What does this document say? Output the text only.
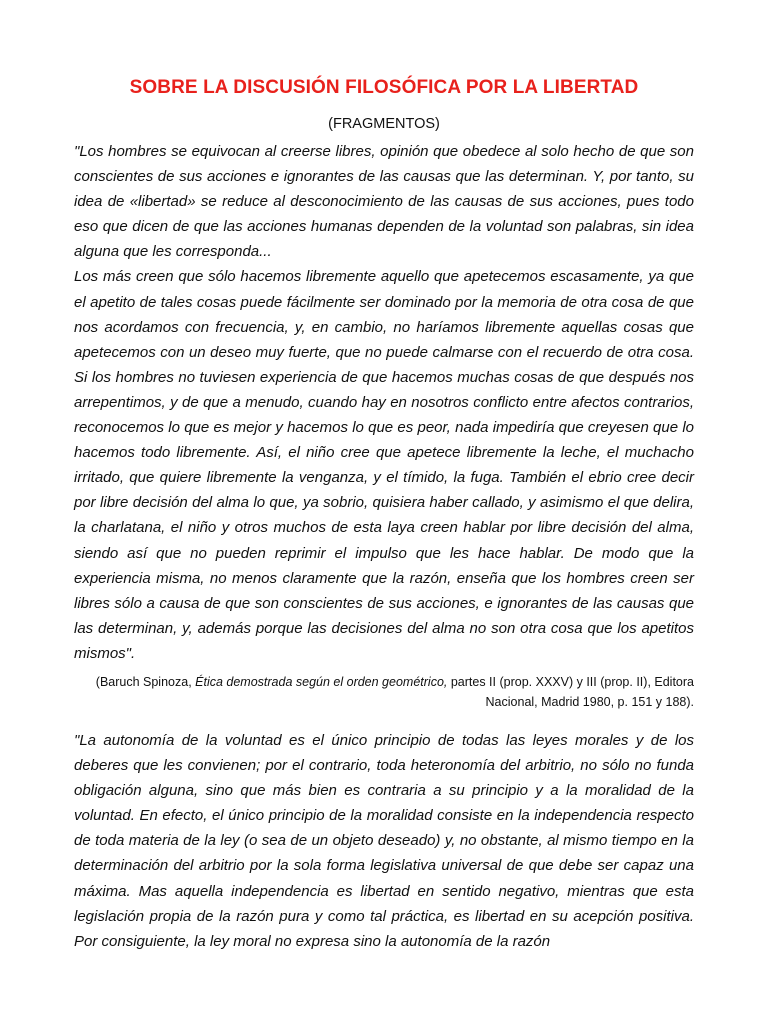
SOBRE LA DISCUSIÓN FILOSÓFICA POR LA LIBERTAD
(FRAGMENTOS)

"Los hombres se equivocan al creerse libres, opinión que obedece al solo hecho de que son conscientes de sus acciones e ignorantes de las causas que las determinan. Y, por tanto, su idea de «libertad» se reduce al desconocimiento de las causas de sus acciones, pues todo eso que dicen de que las acciones humanas dependen de la voluntad son palabras, sin idea alguna que les corresponda...

Los más creen que sólo hacemos libremente aquello que apetecemos escasamente, ya que el apetito de tales cosas puede fácilmente ser dominado por la memoria de otra cosa de que nos acordamos con frecuencia, y, en cambio, no haríamos libremente aquellas cosas que apetecemos con un deseo muy fuerte, que no puede calmarse con el recuerdo de otra cosa. Si los hombres no tuviesen experiencia de que hacemos muchas cosas de que después nos arrepentimos, y de que a menudo, cuando hay en nosotros conflicto entre afectos contrarios, reconocemos lo que es mejor y hacemos lo que es peor, nada impediría que creyesen que lo hacemos todo libremente. Así, el niño cree que apetece libremente la leche, el muchacho irritado, que quiere libremente la venganza, y el tímido, la fuga. También el ebrio cree decir por libre decisión del alma lo que, ya sobrio, quisiera haber callado, y asimismo el que delira, la charlatana, el niño y otros muchos de esta laya creen hablar por libre decisión del alma, siendo así que no pueden reprimir el impulso que les hace hablar. De modo que la experiencia misma, no menos claramente que la razón, enseña que los hombres creen ser libres sólo a causa de que son conscientes de sus acciones, e ignorantes de las causas que las determinan, y, además porque las decisiones del alma no son otra cosa que los apetitos mismos".

(Baruch Spinoza, Ética demostrada según el orden geométrico, partes II (prop. XXXV) y III (prop. II), Editora Nacional, Madrid 1980, p. 151 y 188).

"La autonomía de la voluntad es el único principio de todas las leyes morales y de los deberes que les convienen; por el contrario, toda heteronomía del arbitrio, no sólo no funda obligación alguna, sino que más bien es contraria a su principio y a la moralidad de la voluntad. En efecto, el único principio de la moralidad consiste en la independencia respecto de toda materia de la ley (o sea de un objeto deseado) y, no obstante, al mismo tiempo en la determinación del arbitrio por la sola forma legislativa universal de que debe ser capaz una máxima. Mas aquella independencia es libertad en sentido negativo, mientras que esta legislación propia de la razón pura y como tal práctica, es libertad en su acepción positiva. Por consiguiente, la ley moral no expresa sino la autonomía de la razón
